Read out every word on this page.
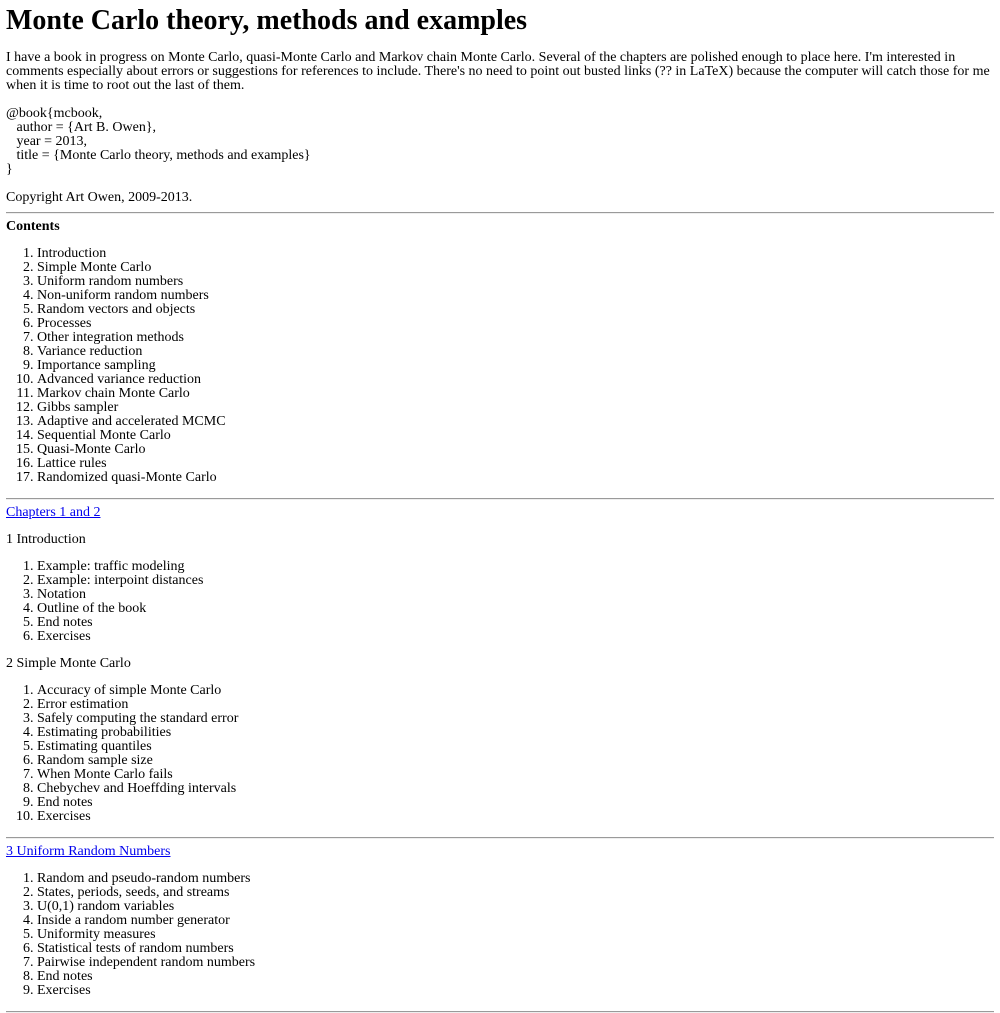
Monte Carlo theory, methods and examples

I have a book in progress on Monte Carlo, quasi-Monte Carlo and Markov chain Monte Carlo. Several of the chapters are polished enough to place here. I'm interested in comments especially about errors or suggestions for references to include. There's no need to point out busted links (?? in LaTeX) because the computer will catch those for me when it is time to root out the last of them.

@book{mcbook,
author = {Art B. Owen},
year = 2013,
title = {Monte Carlo theory, methods and examples}
}

Copyright Art Owen, 2009-2013.

Contents
1. Introduction
2. Simple Monte Carlo
3. Uniform random numbers
4. Non-uniform random numbers
5. Random vectors and objects
6. Processes
7. Other integration methods
8. Variance reduction
9. Importance sampling
10. Advanced variance reduction
11. Markov chain Monte Carlo
12. Gibbs sampler
13. Adaptive and accelerated MCMC
14. Sequential Monte Carlo
15. Quasi-Monte Carlo
16. Lattice rules
17. Randomized quasi-Monte Carlo
Chapters 1 and 2
1 Introduction
1. Example: traffic modeling
2. Example: interpoint distances
3. Notation
4. Outline of the book
5. End notes
6. Exercises
2 Simple Monte Carlo
1. Accuracy of simple Monte Carlo
2. Error estimation
3. Safely computing the standard error
4. Estimating probabilities
5. Estimating quantiles
6. Random sample size
7. When Monte Carlo fails
8. Chebychev and Hoeffding intervals
9. End notes
10. Exercises
3 Uniform Random Numbers
1. Random and pseudo-random numbers
2. States, periods, seeds, and streams
3. U(0,1) random variables
4. Inside a random number generator
5. Uniformity measures
6. Statistical tests of random numbers
7. Pairwise independent random numbers
8. End notes
9. Exercises
